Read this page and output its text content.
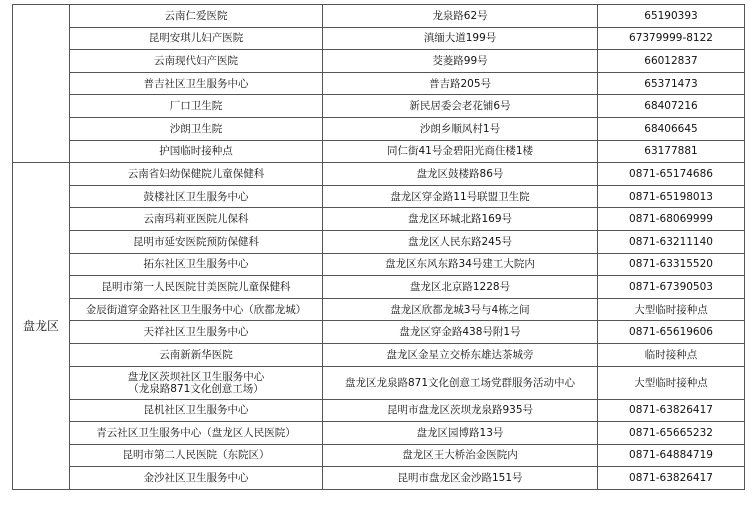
	云南仁爱医院	龙泉路62号	65190393
	昆明安琪儿妇产医院	滇缅大道199号	67379999-8122
	云南现代妇产医院	茭菱路99号	66012837
	普吉社区卫生服务中心	普吉路205号	65371473
	厂口卫生院	新民居委会老花铺6号	68407216
	沙朗卫生院	沙朗乡顺风村1号	68406645
	护国临时接种点	同仁街41号金碧阳光商住楼1楼	63177881
盘龙区	云南省妇幼保健院儿童保健科	盘龙区鼓楼路86号	0871-65174686
	鼓楼社区卫生服务中心	盘龙区穿金路11号联盟卫生院	0871-65198013
	云南玛莉亚医院儿保科	盘龙区环城北路169号	0871-68069999
	昆明市延安医院预防保健科	盘龙区人民东路245号	0871-63211140
	拓东社区卫生服务中心	盘龙区东风东路34号建工大院内	0871-63315520
	昆明市第一人民医院甘美医院儿童保健科	盘龙区北京路1228号	0871-67390503
	金辰街道穿金路社区卫生服务中心（欣都龙城）	盘龙区欣都龙城3号与4栋之间	大型临时接种点
	天祥社区卫生服务中心	盘龙区穿金路438号附1号	0871-65619606
	云南新新华医院	盘龙区金星立交桥东雄达茶城旁	临时接种点

	盘龙区茨坝社区卫生服务中心
（龙泉路871文化创意工场）	盘龙区龙泉路871文化创意工场党群服务活动中心	大型临时接种点
	昆机社区卫生服务中心	昆明市盘龙区茨坝龙泉路935号	0871-63826417
	青云社区卫生服务中心（盘龙区人民医院）	盘龙区园博路13号	0871-65665232
	昆明市第二人民医院（东院区）	盘龙区王大桥治金医院内	0871-64884719
	金沙社区卫生服务中心	昆明市盘龙区金沙路151号	0871-63826417
